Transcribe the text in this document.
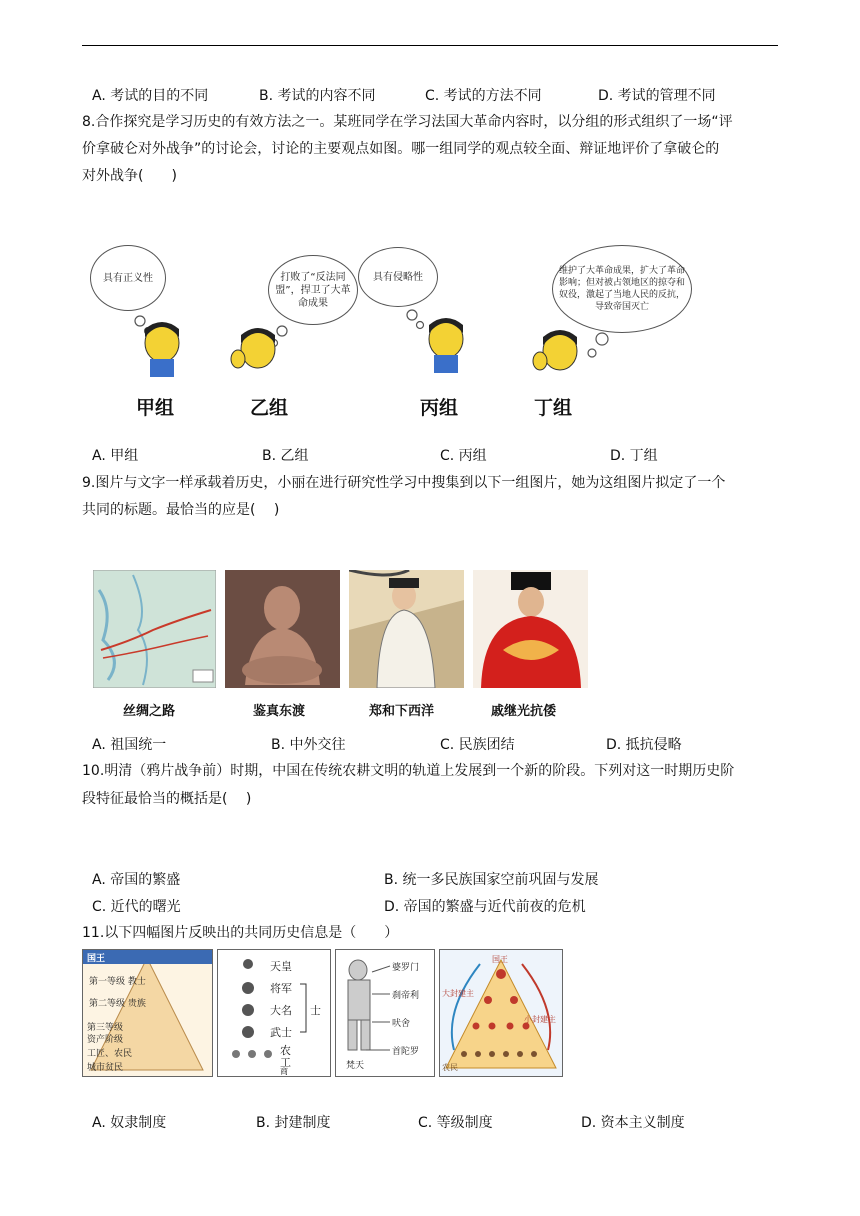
A. 考试的目的不同	B. 考试的内容不同	C. 考试的方法不同	D. 考试的管理不同
8.合作探究是学习历史的有效方法之一。某班同学在学习法国大革命内容时，以分组的形式组织了一场“评
价拿破仑对外战争”的讨论会，讨论的主要观点如图。哪一组同学的观点较全面、辩证地评价了拿破仑的
对外战争(　　)
具有正义性	打败了“反法同盟”，捍卫了大革命成果
具有侵略性
维护了大革命成果，扩大了革命影响；但对被占领地区的掠夺和奴役，激起了当地人民的反抗，导致帝国灭亡
甲组	乙组	丙组	丁组
A. 甲组	B. 乙组	C. 丙组	D. 丁组
9.图片与文字一样承载着历史，小丽在进行研究性学习中搜集到以下一组图片，她为这组图片拟定了一个
共同的标题。最恰当的应是(　 )
丝绸之路	鉴真东渡	郑和下西洋	戚继光抗倭
A. 祖国统一	B. 中外交往	C. 民族团结	D. 抵抗侵略
10.明清（鸦片战争前）时期，中国在传统农耕文明的轨道上发展到一个新的阶段。下列对这一时期历史阶
段特征最恰当的概括是(　 )
A. 帝国的繁盛	B. 统一多民族国家空前巩固与发展
C. 近代的曙光	D. 帝国的繁盛与近代前夜的危机
11.以下四幅图片反映出的共同历史信息是（　　）
国王
第一等级 教士
第二等级 贵族
第三等级
资产阶级
工匠、农民
城市贫民
天皇
将军
大名
武士
士
农
工
商
婆罗门
刹帝利
吠舍
首陀罗
梵天
国王
大封建主
小封建主
农民
A. 奴隶制度	B. 封建制度	C. 等级制度	D. 资本主义制度
